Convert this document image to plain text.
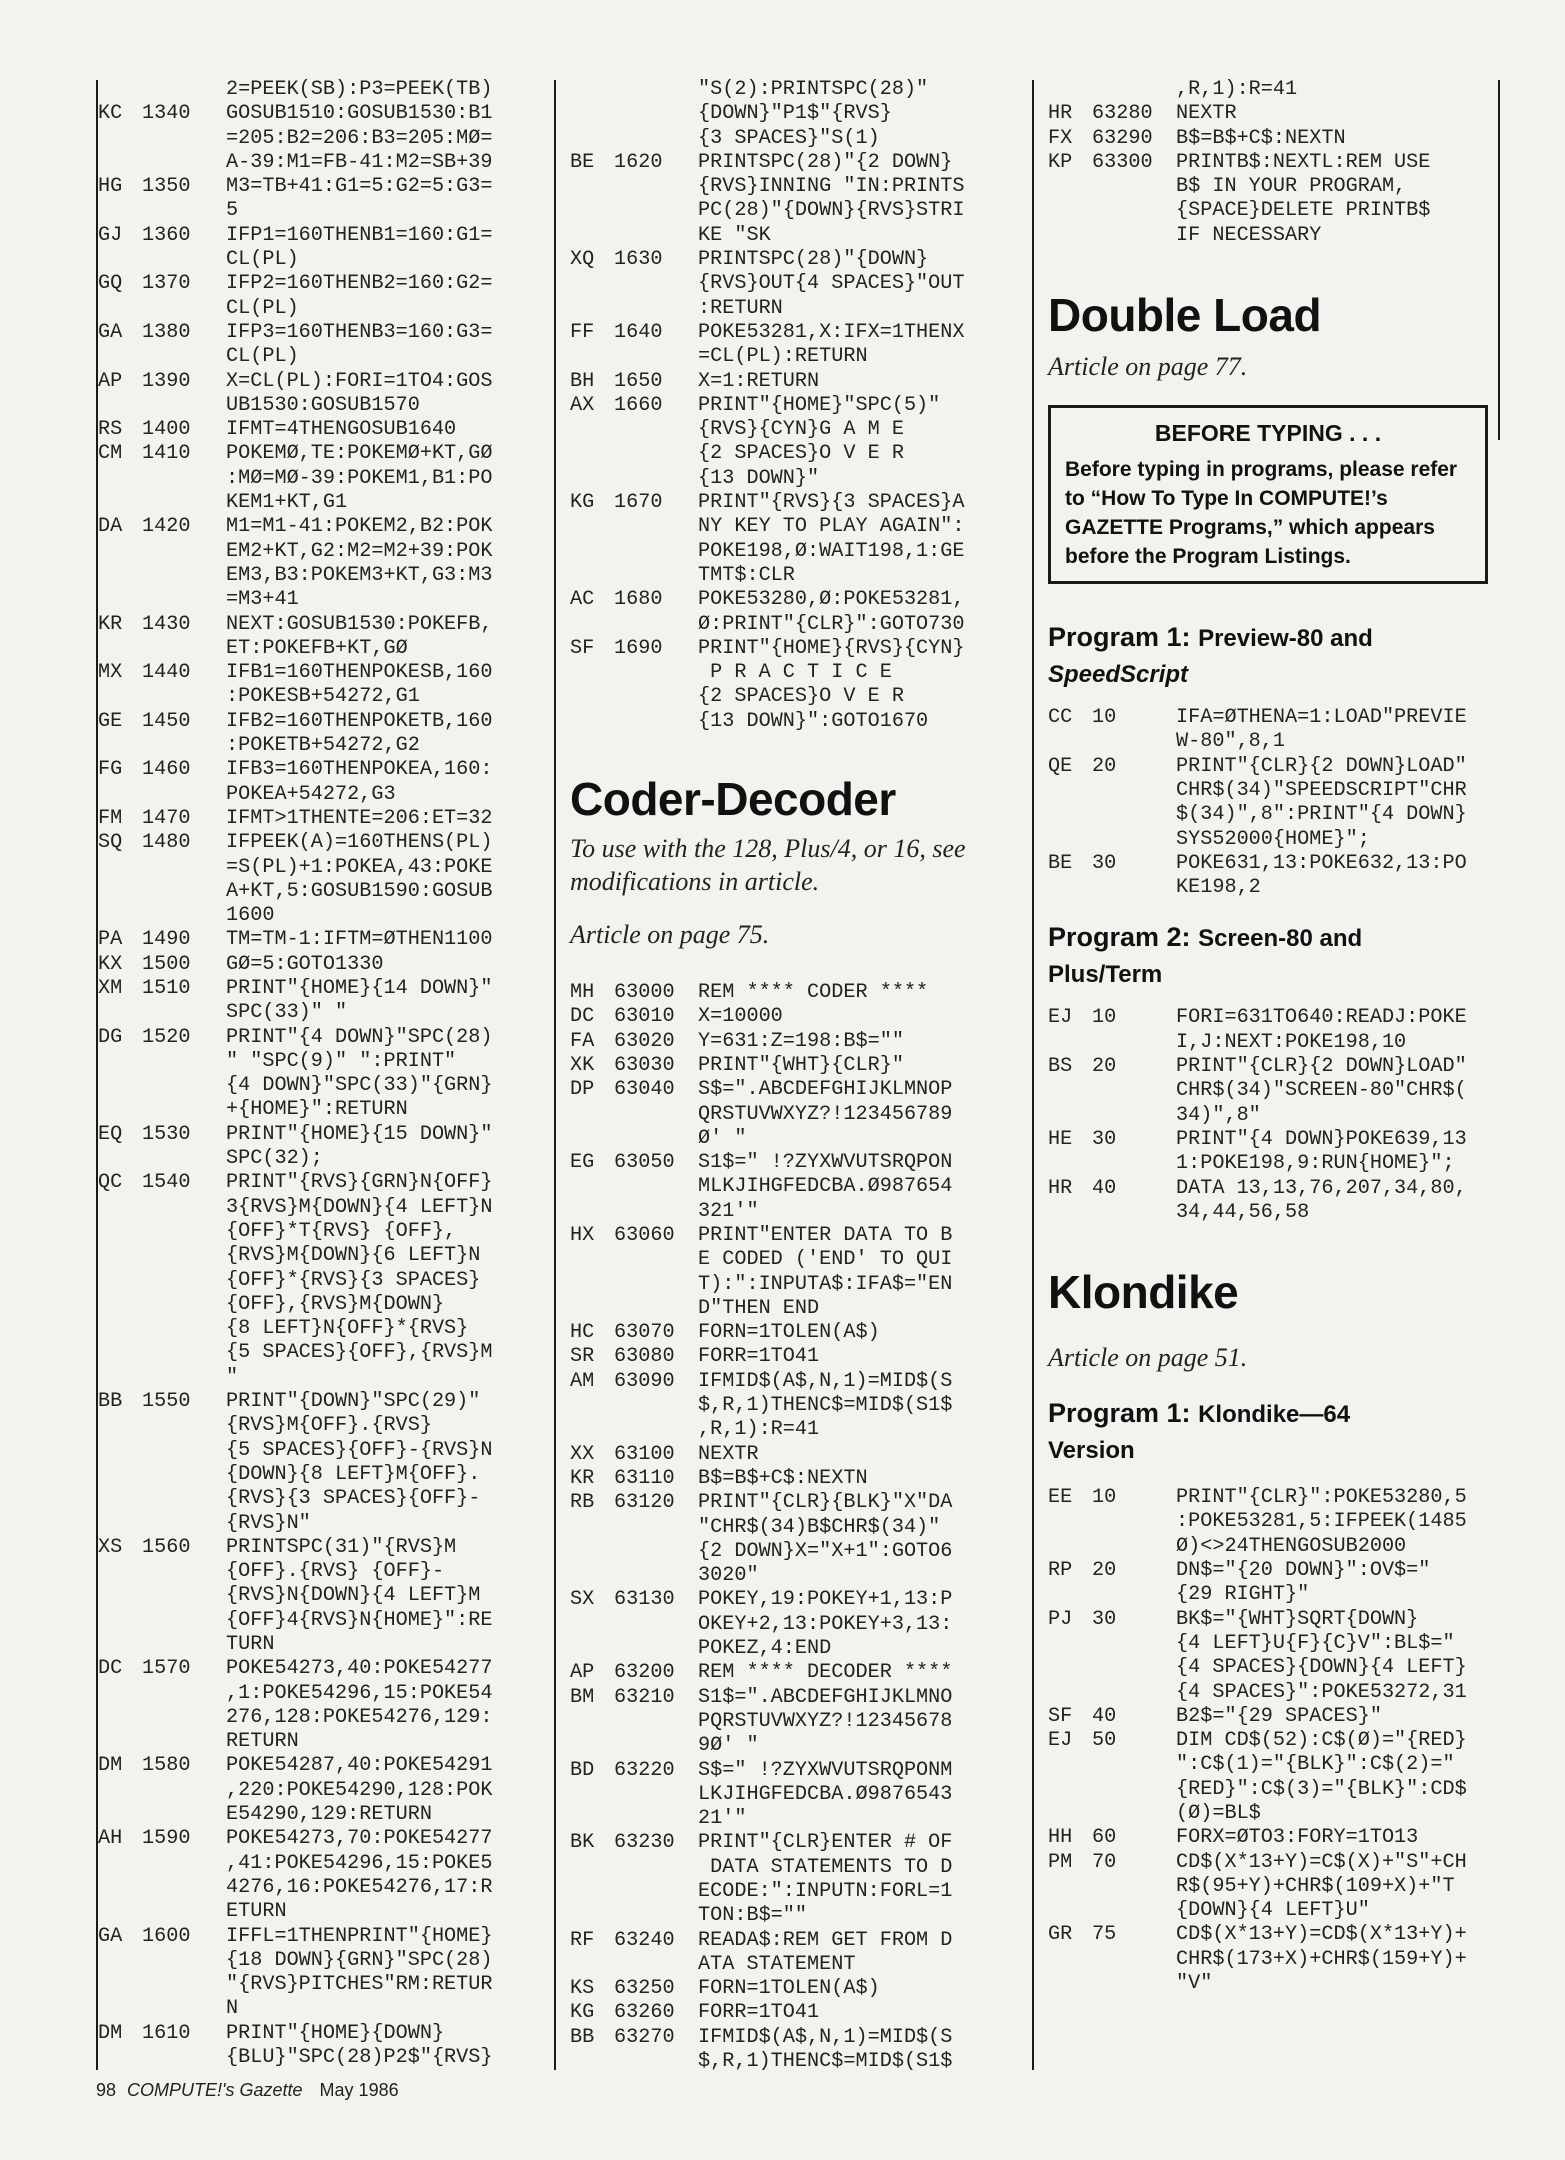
2=PEEK(SB):P3=PEEK(TB)
KC 1340	GOSUB1510:GOSUB1530:B1
=205:B2=206:B3=205:MØ=
A-39:M1=FB-41:M2=SB+39
HG 1350	M3=TB+41:G1=5:G2=5:G3=
5
GJ 1360	IFP1=160THENB1=160:G1=
CL(PL)
GQ 1370	IFP2=160THENB2=160:G2=
CL(PL)
GA 1380	IFP3=160THENB3=160:G3=
CL(PL)
AP 1390	X=CL(PL):FORI=1TO4:GOS
UB1530:GOSUB1570
RS 1400	IFMT=4THENGOSUB1640
CM 1410	POKEMØ,TE:POKEMØ+KT,GØ
:MØ=MØ-39:POKEM1,B1:PO
KEM1+KT,G1
DA 1420	M1=M1-41:POKEM2,B2:POK
EM2+KT,G2:M2=M2+39:POK
EM3,B3:POKEM3+KT,G3:M3
=M3+41
KR 1430	NEXT:GOSUB1530:POKEFB,
ET:POKEFB+KT,GØ
MX 1440	IFB1=160THENPOKESB,160
:POKESB+54272,G1
GE 1450	IFB2=160THENPOKETB,160
:POKETB+54272,G2
FG 1460	IFB3=160THENPOKEA,160:
POKEA+54272,G3
FM 1470	IFMT>1THENTE=206:ET=32
SQ 1480	IFPEEK(A)=160THENS(PL)
=S(PL)+1:POKEA,43:POKE
A+KT,5:GOSUB1590:GOSUB
1600
PA 1490	TM=TM-1:IFTM=ØTHEN1100
KX 1500	GØ=5:GOTO1330
XM 1510	PRINT"{HOME}{14 DOWN}"
SPC(33)" "
DG 1520	PRINT"{4 DOWN}"SPC(28)
" "SPC(9)" ":PRINT"
{4 DOWN}"SPC(33)"{GRN}
+{HOME}":RETURN
EQ 1530	PRINT"{HOME}{15 DOWN}"
SPC(32);
QC 1540	PRINT"{RVS}{GRN}N{OFF}
3{RVS}M{DOWN}{4 LEFT}N
{OFF}*T{RVS} {OFF},
{RVS}M{DOWN}{6 LEFT}N
{OFF}*{RVS}{3 SPACES}
{OFF},{RVS}M{DOWN}
{8 LEFT}N{OFF}*{RVS}
{5 SPACES}{OFF},{RVS}M
"
BB 1550	PRINT"{DOWN}"SPC(29)"
{RVS}M{OFF}.{RVS}
{5 SPACES}{OFF}-{RVS}N
{DOWN}{8 LEFT}M{OFF}.
{RVS}{3 SPACES}{OFF}-
{RVS}N"
XS 1560	PRINTSPC(31)"{RVS}M
{OFF}.{RVS} {OFF}-
{RVS}N{DOWN}{4 LEFT}M
{OFF}4{RVS}N{HOME}":RE
TURN
DC 1570	POKE54273,40:POKE54277
,1:POKE54296,15:POKE54
276,128:POKE54276,129:
RETURN
DM 1580	POKE54287,40:POKE54291
,220:POKE54290,128:POK
E54290,129:RETURN
AH 1590	POKE54273,70:POKE54277
,41:POKE54296,15:POKE5
4276,16:POKE54276,17:R
ETURN
GA 1600	IFFL=1THENPRINT"{HOME}
{18 DOWN}{GRN}"SPC(28)
"{RVS}PITCHES"RM:RETUR
N
DM 1610	PRINT"{HOME}{DOWN}
{BLU}"SPC(28)P2$"{RVS}
"S(2):PRINTSPC(28)"
{DOWN}"P1$"{RVS}
{3 SPACES}"S(1)
BE 1620	PRINTSPC(28)"{2 DOWN}
{RVS}INNING "IN:PRINTS
PC(28)"{DOWN}{RVS}STRI
KE "SK
XQ 1630	PRINTSPC(28)"{DOWN}
{RVS}OUT{4 SPACES}"OUT
:RETURN
FF 1640	POKE53281,X:IFX=1THENX
=CL(PL):RETURN
BH 1650	X=1:RETURN
AX 1660	PRINT"{HOME}"SPC(5)"
{RVS}{CYN}G A M E
{2 SPACES}O V E R
{13 DOWN}"
KG 1670	PRINT"{RVS}{3 SPACES}A
NY KEY TO PLAY AGAIN":
POKE198,Ø:WAIT198,1:GE
TMT$:CLR
AC 1680	POKE53280,Ø:POKE53281,
Ø:PRINT"{CLR}":GOTO730
SF 1690	PRINT"{HOME}{RVS}{CYN}
P R A C T I C E
{2 SPACES}O V E R
{13 DOWN}":GOTO1670
Coder-Decoder

To use with the 128, Plus/4, or 16, see modifications in article.

Article on page 75.

MH 63000	REM **** CODER ****
DC 63010	X=10000
FA 63020	Y=631:Z=198:B$=""
XK 63030	PRINT"{WHT}{CLR}"
DP 63040	S$=".ABCDEFGHIJKLMNOP
QRSTUVWXYZ?!123456789
Ø' "
EG 63050	S1$=" !?ZYXWVUTSRQPON
MLKJIHGFEDCBA.Ø987654
321'"
HX 63060	PRINT"ENTER DATA TO B
E CODED ('END' TO QUI
T):":INPUTA$:IFA$="EN
D"THEN END
HC 63070	FORN=1TOLEN(A$)
SR 63080	FORR=1TO41
AM 63090	IFMID$(A$,N,1)=MID$(S
$,R,1)THENC$=MID$(S1$
,R,1):R=41
XX 63100	NEXTR
KR 63110	B$=B$+C$:NEXTN
RB 63120	PRINT"{CLR}{BLK}"X"DA
"CHR$(34)B$CHR$(34)"
{2 DOWN}X="X+1":GOTO6
3020"
SX 63130	POKEY,19:POKEY+1,13:P
OKEY+2,13:POKEY+3,13:
POKEZ,4:END
AP 63200	REM **** DECODER ****
BM 63210	S1$=".ABCDEFGHIJKLMNO
PQRSTUVWXYZ?!12345678
9Ø' "
BD 63220	S$=" !?ZYXWVUTSRQPONM
LKJIHGFEDCBA.Ø9876543
21'"
BK 63230	PRINT"{CLR}ENTER # OF
DATA STATEMENTS TO D
ECODE:":INPUTN:FORL=1
TON:B$=""
RF 63240	READA$:REM GET FROM D
ATA STATEMENT
KS 63250	FORN=1TOLEN(A$)
KG 63260	FORR=1TO41
BB 63270	IFMID$(A$,N,1)=MID$(S
$,R,1)THENC$=MID$(S1$
,R,1):R=41
HR 63280	NEXTR
FX 63290	B$=B$+C$:NEXTN
KP 63300	PRINTB$:NEXTL:REM USE
B$ IN YOUR PROGRAM,
{SPACE}DELETE PRINTB$
IF NECESSARY
Double Load

Article on page 77.

BEFORE TYPING . . .

Before typing in programs, please refer to “How To Type In COMPUTE!’s GAZETTE Programs,” which appears before the Program Listings.

Program 1: Preview-80 and
SpeedScript

CC 10	IFA=ØTHENA=1:LOAD"PREVIE
W-80",8,1
QE 20	PRINT"{CLR}{2 DOWN}LOAD"
CHR$(34)"SPEEDSCRIPT"CHR
$(34)",8":PRINT"{4 DOWN}
SYS52000{HOME}";
BE 30	POKE631,13:POKE632,13:PO
KE198,2

Program 2: Screen-80 and
Plus/Term

EJ 10	FORI=631TO640:READJ:POKE
I,J:NEXT:POKE198,10
BS 20	PRINT"{CLR}{2 DOWN}LOAD"
CHR$(34)"SCREEN-80"CHR$(
34)",8"
HE 30	PRINT"{4 DOWN}POKE639,13
1:POKE198,9:RUN{HOME}";
HR 40	DATA 13,13,76,207,34,80,
34,44,56,58
Klondike

Article on page 51.

Program 1: Klondike—64
Version

EE 10	PRINT"{CLR}":POKE53280,5
:POKE53281,5:IFPEEK(1485
Ø)<>24THENGOSUB2000
RP 20	DN$="{20 DOWN}":OV$="
{29 RIGHT}"
PJ 30	BK$="{WHT}SQRT{DOWN}
{4 LEFT}U{F}{C}V":BL$="
{4 SPACES}{DOWN}{4 LEFT}
{4 SPACES}":POKE53272,31
SF 40	B2$="{29 SPACES}"
EJ 50	DIM CD$(52):C$(Ø)="{RED}
":C$(1)="{BLK}":C$(2)="
{RED}":C$(3)="{BLK}":CD$
(Ø)=BL$
HH 60	FORX=ØTO3:FORY=1TO13
PM 70	CD$(X*13+Y)=C$(X)+"S"+CH
R$(95+Y)+CHR$(109+X)+"T
{DOWN}{4 LEFT}U"
GR 75	CD$(X*13+Y)=CD$(X*13+Y)+
CHR$(173+X)+CHR$(159+Y)+
"V"
98 COMPUTE!'s Gazette May 1986
